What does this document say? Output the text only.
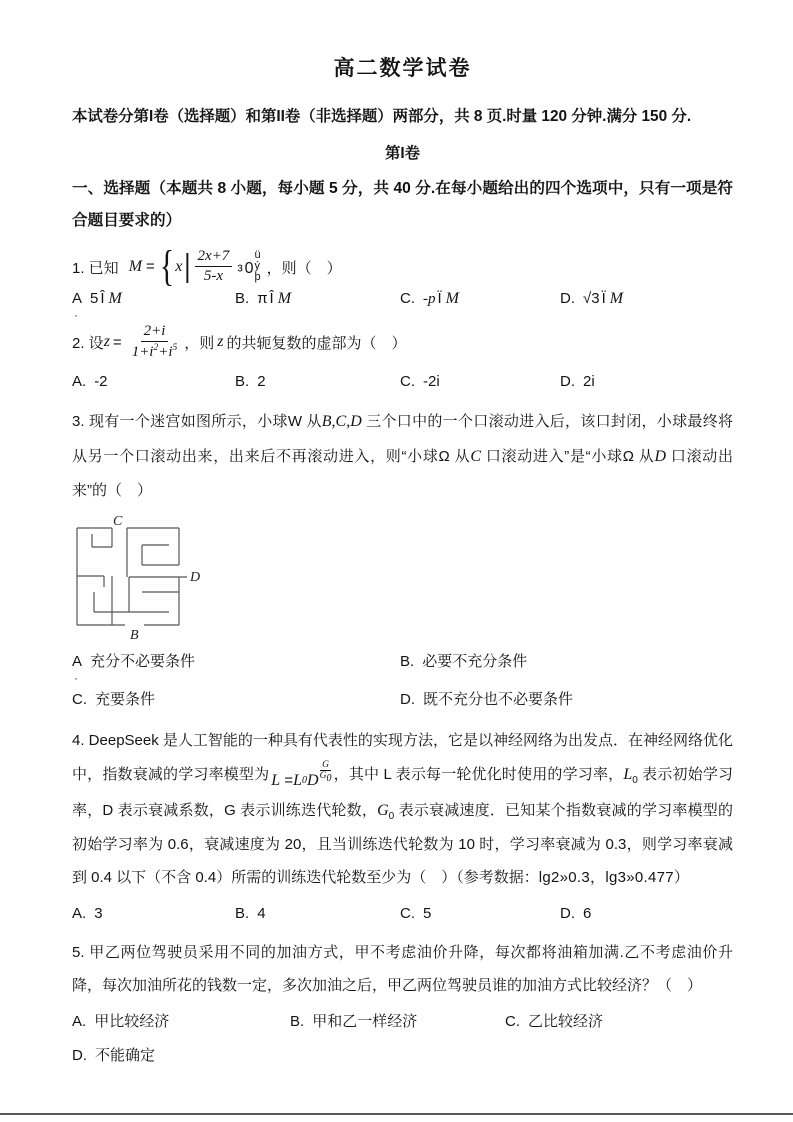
高二数学试卷

本试卷分第I卷（选择题）和第II卷（非选择题）两部分，共 8 页.时量 120 分钟.满分 150 分.

第I卷

一、选择题（本题共 8 小题，每小题 5 分，共 40 分.在每小题给出的四个选项中，只有一项是符合题目要求的）

1. 已知 M = { x | $\frac{2x+7}{5-x} ^3$ 0
ü
ý
þ
，则（　）
A 5 Î M ·	B. π Î M	C. -p Ï M	D. √3 Ï M
2. 设 $z = \frac{2+i}{1+i^2+i^5}$ ，则 z 的共轭复数的虚部为（　）
A. -2	B. 2	C. -2i	D. 2i

3. 现有一个迷宫如图所示，小球W 从B,C,D 三个口中的一个口滚动进入后，该口封闭，小球最终将从另一个口滚动出来，出来后不再滚动进入，则“小球Ω 从C 口滚动进入”是“小球Ω 从D 口滚动出来”的（　）

C
D
B
A 充分不必要条件 ·	B. 必要不充分条件
C. 充要条件	D. 既不充分也不必要条件

4. DeepSeek 是人工智能的一种具有代表性的实现方法，它是以神经网络为出发点．在神经网络优化中，指数衰减的学习率模型为 L
= L 0 D
G
$G_0$ ，其中 L 表示每一轮优化时使用的学习率，$L_0$ 表示初始学习率，D 表示衰减系数，G 表示训练迭代轮数，$G_0$ 表示衰减速度．已知某个指数衰减的学习率模型的初始学习率为 0.6，衰减速度为 20，且当训练迭代轮数为 10 时，学习率衰减为 0.3，则学习率衰减到 0.4 以下（不含 0.4）所需的训练迭代轮数至少为（　）（参考数据：lg2»0.3，lg3»0.477）

A. 3	B. 4	C. 5	D. 6

5. 甲乙两位驾驶员采用不同的加油方式，甲不考虑油价升降，每次都将油箱加满.乙不考虑油价升降，每次加油所花的钱数一定，多次加油之后，甲乙两位驾驶员谁的加油方式比较经济？（　）

A. 甲比较经济	B. 甲和乙一样经济	C. 乙比较经济
D. 不能确定
